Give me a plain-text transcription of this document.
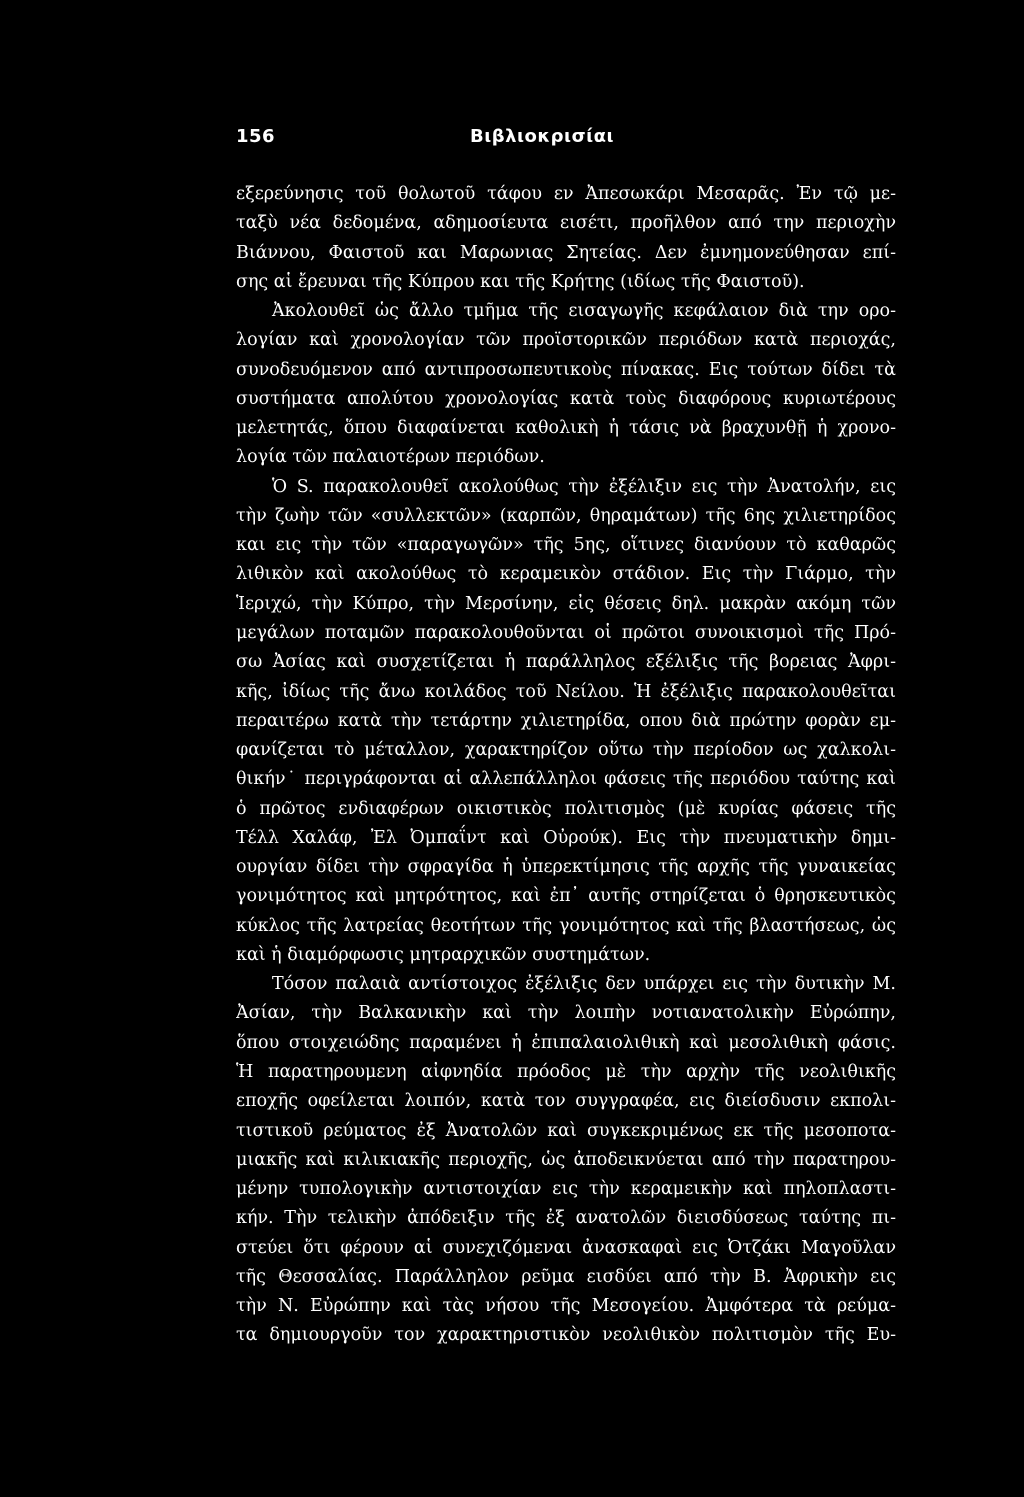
156	Βιβλιοκρισίαι
εξερεύνησις τοῦ θολωτοῦ τάφου εν Ἀπεσωκάρι Μεσαρᾶς. Ἐν τῷ με-
ταξὺ νέα δεδομένα, αδημοσίευτα εισέτι, προῆλθον από την περιοχὴν
Βιάννου, Φαιστοῦ και Μαρωνιας Σητείας. Δεν ἐμνημονεύθησαν επί-
σης αἱ ἔρευναι τῆς Κύπρου και τῆς Κρήτης (ιδίως τῆς Φαιστοῦ).
Ἀκολουθεῖ ὡς ἄλλο τμῆμα τῆς εισαγωγῆς κεφάλαιον διὰ την ορο-
λογίαν καὶ χρονολογίαν τῶν προϊστορικῶν περιόδων κατὰ περιοχάς,
συνοδευόμενον από αντιπροσωπευτικοὺς πίνακας. Εις τούτων δίδει τὰ
συστήματα απολύτου χρονολογίας κατὰ τοὺς διαφόρους κυριωτέρους
μελετητάς, ὅπου διαφαίνεται καθολικὴ ἡ τάσις νὰ βραχυνθῇ ἡ χρονο-
λογία τῶν παλαιοτέρων περιόδων.
Ὁ S. παρακολουθεῖ ακολούθως τὴν ἐξέλιξιν εις τὴν Ἀνατολήν, εις
τὴν ζωὴν τῶν «συλλεκτῶν» (καρπῶν, θηραμάτων) τῆς 6ης χιλιετηρίδος
και εις τὴν τῶν «παραγωγῶν» τῆς 5ης, οἵτινες διανύουν τὸ καθαρῶς
λιθικὸν καὶ ακολούθως τὸ κεραμεικὸν στάδιον. Εις τὴν Γιάρμο, τὴν
Ἱεριχώ, τὴν Κύπρο, τὴν Μερσίνην, εἰς θέσεις δηλ. μακρὰν ακόμη τῶν
μεγάλων ποταμῶν παρακολουθοῦνται οἱ πρῶτοι συνοικισμοὶ τῆς Πρό-
σω Ἀσίας καὶ συσχετίζεται ἡ παράλληλος εξέλιξις τῆς βορειας Ἀφρι-
κῆς, ἰδίως τῆς ἄνω κοιλάδος τοῦ Νείλου. Ἡ ἐξέλιξις παρακολουθεῖται
περαιτέρω κατὰ τὴν τετάρτην χιλιετηρίδα, οπου διὰ πρώτην φορὰν εμ-
φανίζεται τὸ μέταλλον, χαρακτηρίζον οὕτω τὴν περίοδον ως χαλκολι-
θικήν˙ περιγράφονται αἱ αλλεπάλληλοι φάσεις τῆς περιόδου ταύτης καὶ
ὁ πρῶτος ενδιαφέρων οικιστικὸς πολιτισμὸς (μὲ κυρίας φάσεις τῆς
Τέλλ Χαλάφ, Ἐλ Ὀμπαΐντ καὶ Οὐρούκ). Εις τὴν πνευματικὴν δημι-
ουργίαν δίδει τὴν σφραγίδα ἡ ὑπερεκτίμησις τῆς αρχῆς τῆς γυναικείας
γονιμότητος καὶ μητρότητος, καὶ ἐπ᾽ αυτῆς στηρίζεται ὁ θρησκευτικὸς
κύκλος τῆς λατρείας θεοτήτων τῆς γονιμότητος καὶ τῆς βλαστήσεως, ὡς
καὶ ἡ διαμόρφωσις μητραρχικῶν συστημάτων.
Τόσον παλαιὰ αντίστοιχος ἐξέλιξις δεν υπάρχει εις τὴν δυτικὴν Μ.
Ἀσίαν, τὴν Βαλκανικὴν καὶ τὴν λοιπὴν νοτιανατολικὴν Εὐρώπην,
ὅπου στοιχειώδης παραμένει ἡ ἐπιπαλαιολιθικὴ καὶ μεσολιθικὴ φάσις.
Ἡ παρατηρουμενη αἰφνηδία πρόοδος μὲ τὴν αρχὴν τῆς νεολιθικῆς
εποχῆς οφείλεται λοιπόν, κατὰ τον συγγραφέα, εις διείσδυσιν εκπολι-
τιστικοῦ ρεύματος ἐξ Ἀνατολῶν καὶ συγκεκριμένως εκ τῆς μεσοποτα-
μιακῆς καὶ κιλικιακῆς περιοχῆς, ὡς ἀποδεικνύεται από τὴν παρατηρου-
μένην τυπολογικὴν αντιστοιχίαν εις τὴν κεραμεικὴν καὶ πηλοπλαστι-
κήν. Τὴν τελικὴν ἀπόδειξιν τῆς ἐξ ανατολῶν διεισδύσεως ταύτης πι-
στεύει ὅτι φέρουν αἱ συνεχιζόμεναι ἀνασκαφαὶ εις Ὀτζάκι Μαγοῦλαν
τῆς Θεσσαλίας. Παράλληλον ρεῦμα εισδύει από τὴν Β. Ἀφρικὴν εις
τὴν Ν. Εὐρώπην καὶ τὰς νήσου τῆς Μεσογείου. Ἀμφότερα τὰ ρεύμα-
τα δημιουργοῦν τον χαρακτηριστικὸν νεολιθικὸν πολιτισμὸν τῆς Ευ-
